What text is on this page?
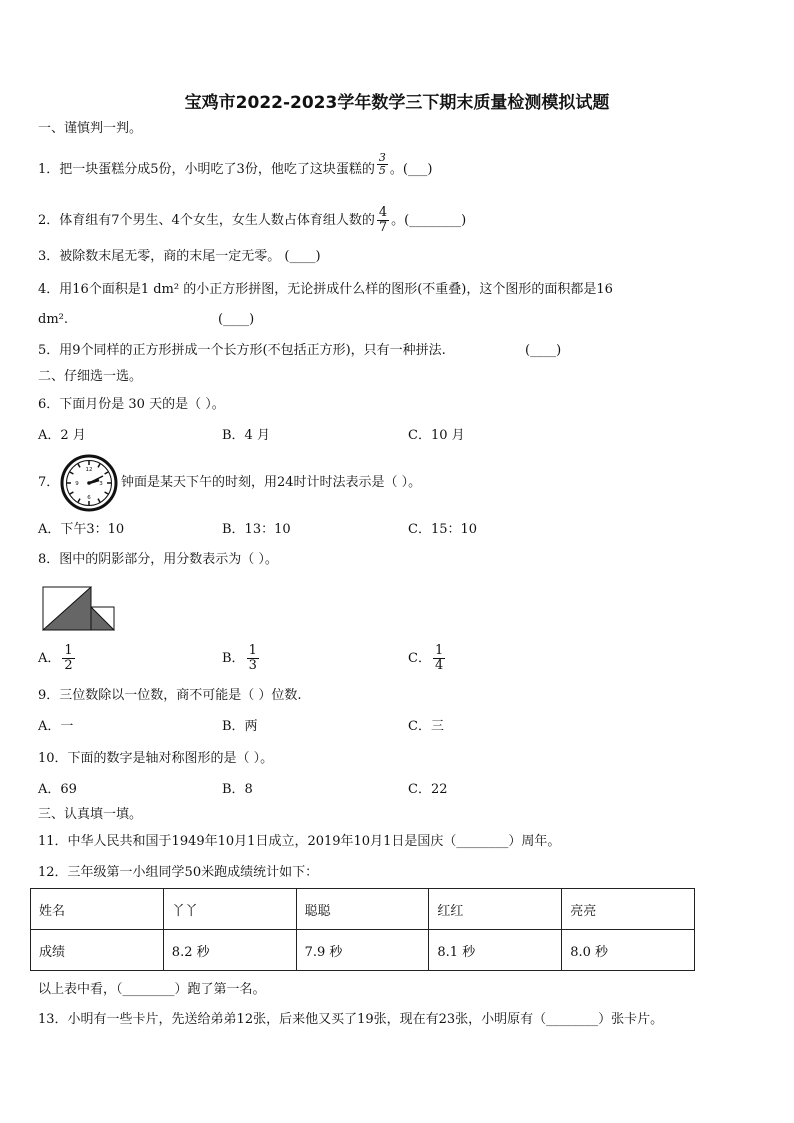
宝鸡市2022-2023学年数学三下期末质量检测模拟试题
一、谨慎判一判。
1．把一块蛋糕分成5份，小明吃了3份，他吃了这块蛋糕的 $\frac{3}{5}$ 。(___)
2．体育组有7个男生、4个女生，女生人数占体育组人数的 $\frac{4}{7}$ 。(________)
3．被除数末尾无零，商的末尾一定无零。 (____)
4．用16个面积是1 dm² 的小正方形拼图，无论拼成什么样的图形(不重叠)，这个图形的面积都是16
dm².	(____)
5．用9个同样的正方形拼成一个长方形(不包括正方形)，只有一种拼法.	(____)
二、仔细选一选。
6．下面月份是 30 天的是（ ）。
A．2 月	B．4 月	C．10 月
7．
12
3
6
9	钟面是某天下午的时刻，用24时计时法表示是（ ）。
A．下午3：10	B．13：10	C．15：10
8．图中的阴影部分，用分数表示为（ ）。
A． $\frac{1}{2}$	B． $\frac{1}{3}$	C． $\frac{1}{4}$
9．三位数除以一位数，商不可能是（ ）位数.
A．一	B．两	C．三
10．下面的数字是轴对称图形的是（ ）。
A．69	B．8	C．22
三、认真填一填。
11．中华人民共和国于1949年10月1日成立，2019年10月1日是国庆（________）周年。
12．三年级第一小组同学50米跑成绩统计如下：
姓名	丫丫	聪聪	红红	亮亮
成绩	8.2 秒	7.9 秒	8.1 秒	8.0 秒
以上表中看，（________）跑了第一名。
13．小明有一些卡片，先送给弟弟12张，后来他又买了19张，现在有23张，小明原有（________）张卡片。
